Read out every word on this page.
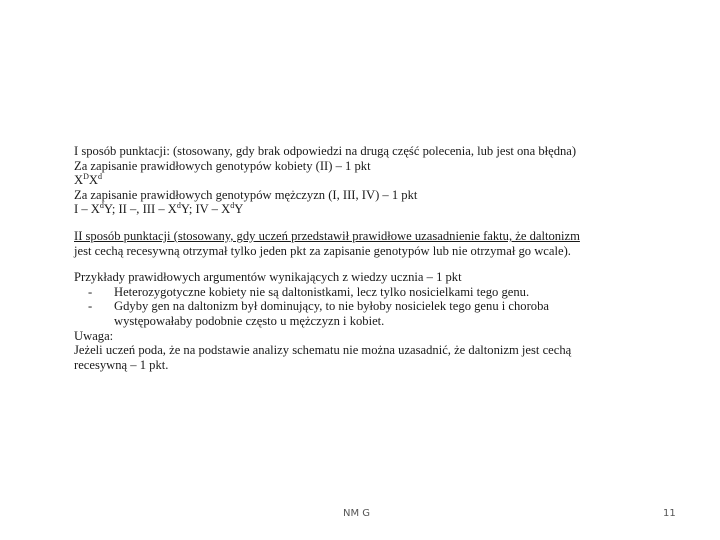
I sposób punktacji: (stosowany, gdy brak odpowiedzi na drugą część polecenia, lub jest ona błędna)
Za zapisanie prawidłowych genotypów kobiety (II) – 1 pkt
$X^DX^d$
Za zapisanie prawidłowych genotypów mężczyzn (I, III, IV) – 1 pkt
I – $X^dY$; II –, III – $X^dY$; IV – $X^dY$
II sposób punktacji (stosowany, gdy uczeń przedstawił prawidłowe uzasadnienie faktu, że daltonizm
jest cechą recesywną otrzymał tylko jeden pkt za zapisanie genotypów lub nie otrzymał go wcale).
Przykłady prawidłowych argumentów wynikających z wiedzy ucznia – 1 pkt
- Heterozygotyczne kobiety nie są daltonistkami, lecz tylko nosicielkami tego genu.
- Gdyby gen na daltonizm był dominujący, to nie byłoby nosicielek tego genu i choroba
występowałaby podobnie często u mężczyzn i kobiet.
Uwaga:
Jeżeli uczeń poda, że na podstawie analizy schematu nie można uzasadnić, że daltonizm jest cechą
recesywną – 1 pkt.
NM G	11
